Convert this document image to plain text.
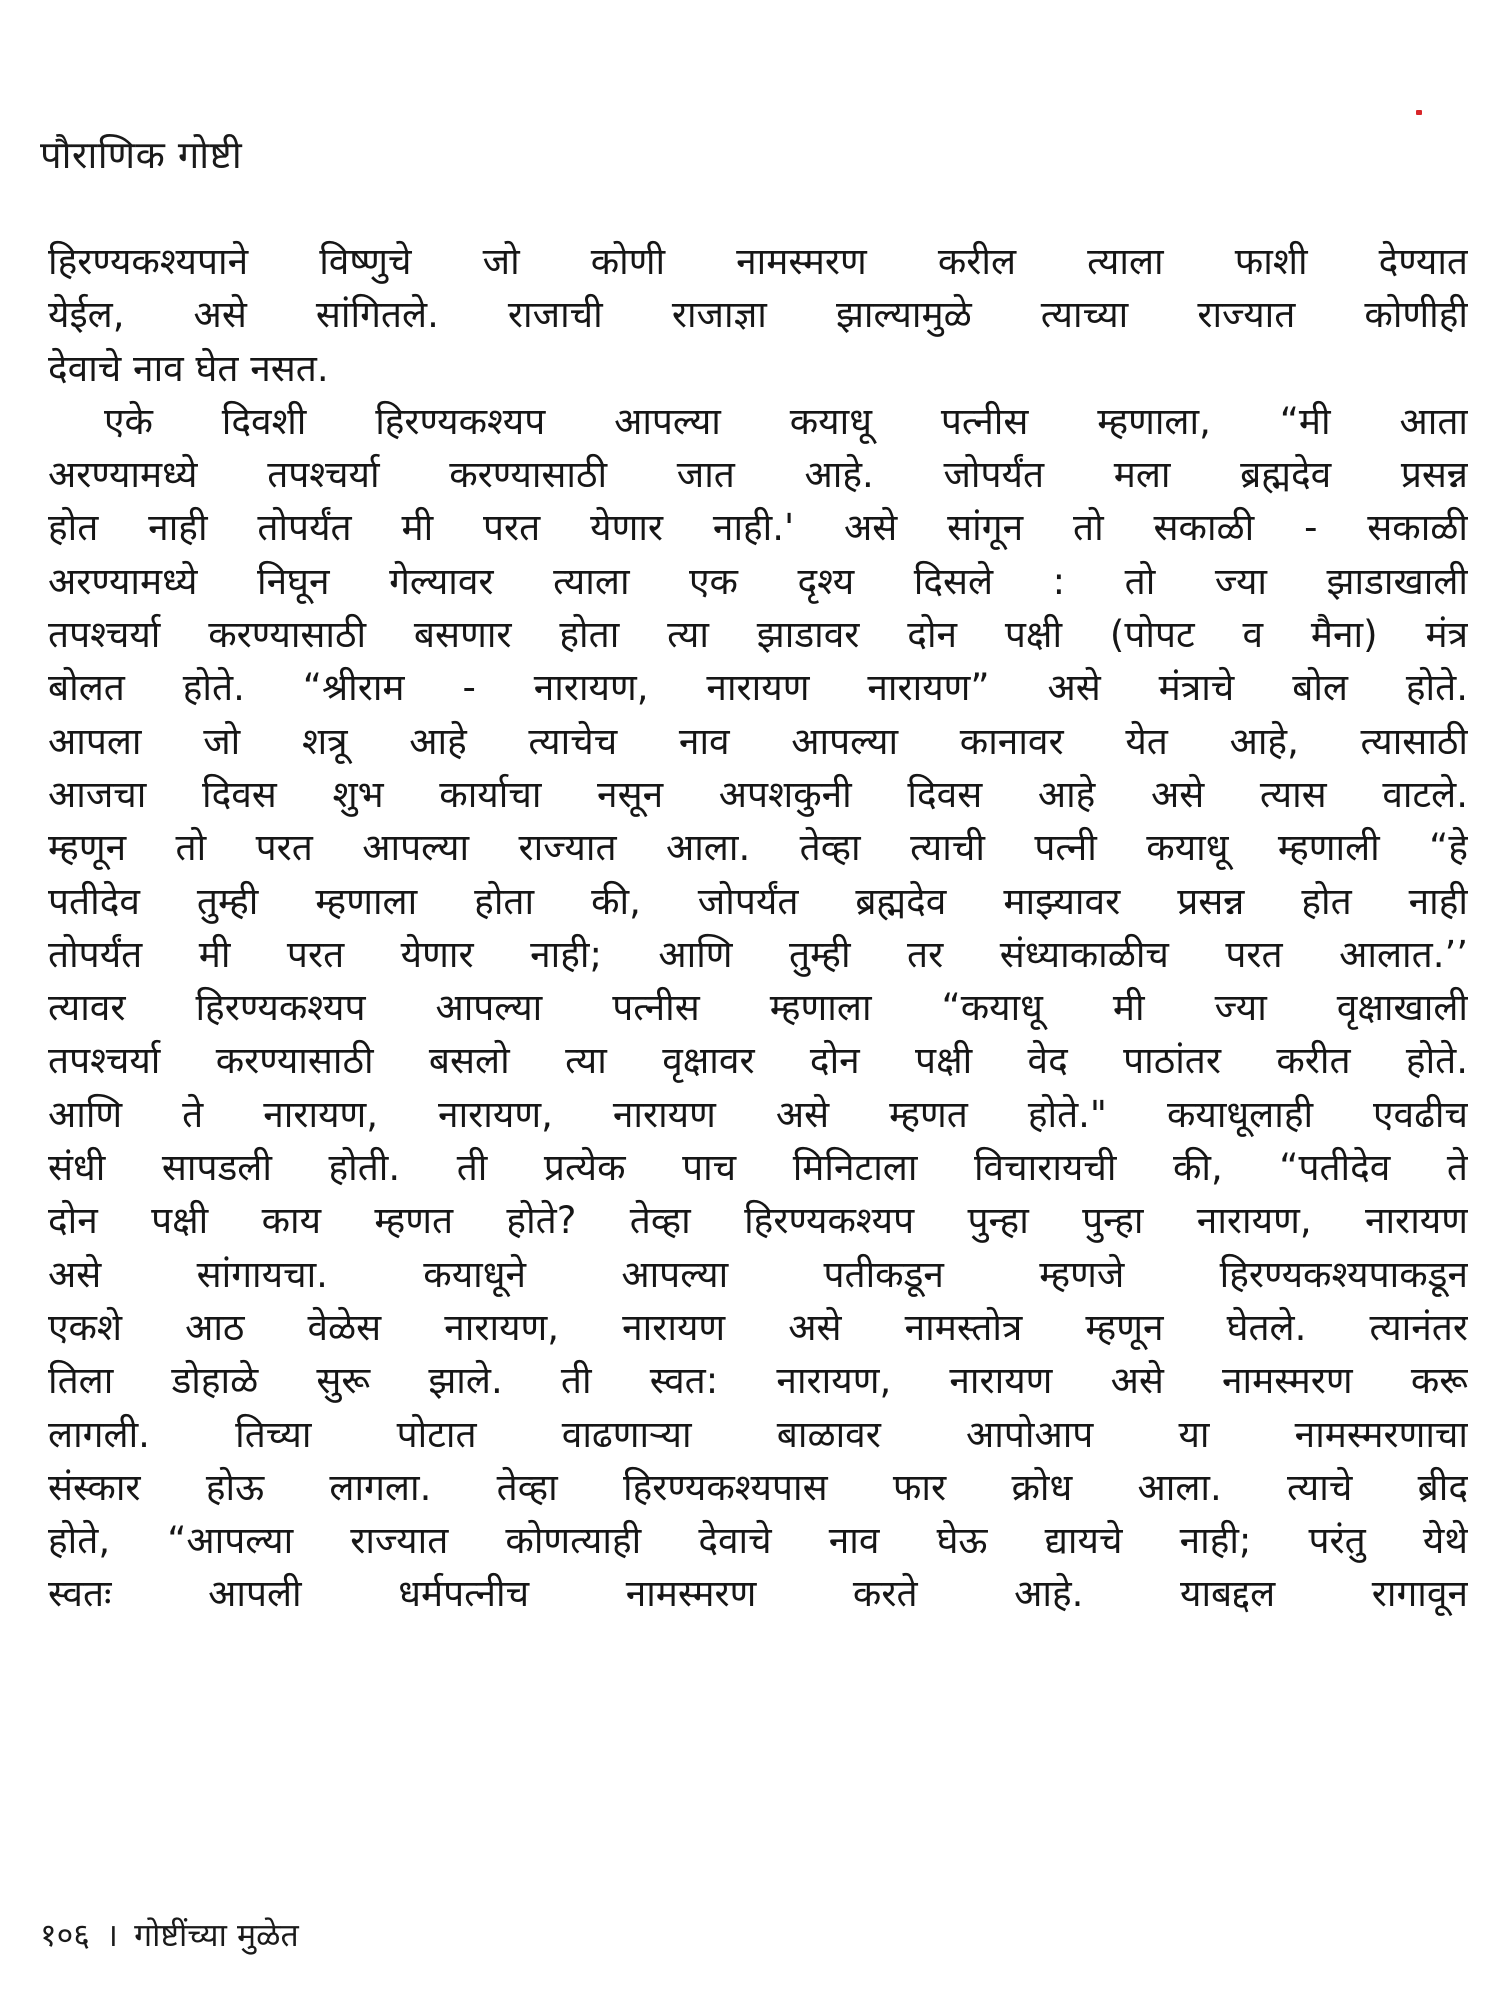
पौराणिक गोष्टी
हिरण्यकश्यपाने विष्णुचे जो कोणी नामस्मरण करील त्याला फाशी देण्यात
येईल, असे सांगितले. राजाची राजाज्ञा झाल्यामुळे त्याच्या राज्यात कोणीही
देवाचे नाव घेत नसत.
एके दिवशी हिरण्यकश्यप आपल्या कयाधू पत्नीस म्हणाला, “मी आता
अरण्यामध्ये तपश्चर्या करण्यासाठी जात आहे. जोपर्यंत मला ब्रह्मदेव प्रसन्न
होत नाही तोपर्यंत मी परत येणार नाही.' असे सांगून तो सकाळी - सकाळी
अरण्यामध्ये निघून गेल्यावर त्याला एक दृश्य दिसले : तो ज्या झाडाखाली
तपश्चर्या करण्यासाठी बसणार होता त्या झाडावर दोन पक्षी (पोपट व मैना) मंत्र
बोलत होते. “श्रीराम - नारायण, नारायण नारायण” असे मंत्राचे बोल होते.
आपला जो शत्रू आहे त्याचेच नाव आपल्या कानावर येत आहे, त्यासाठी
आजचा दिवस शुभ कार्याचा नसून अपशकुनी दिवस आहे असे त्यास वाटले.
म्हणून तो परत आपल्या राज्यात आला. तेव्हा त्याची पत्नी कयाधू म्हणाली “हे
पतीदेव तुम्ही म्हणाला होता की, जोपर्यंत ब्रह्मदेव माझ्यावर प्रसन्न होत नाही
तोपर्यंत मी परत येणार नाही; आणि तुम्ही तर संध्याकाळीच परत आलात.’’
त्यावर हिरण्यकश्यप आपल्या पत्नीस म्हणाला “कयाधू मी ज्या वृक्षाखाली
तपश्चर्या करण्यासाठी बसलो त्या वृक्षावर दोन पक्षी वेद पाठांतर करीत होते.
आणि ते नारायण, नारायण, नारायण असे म्हणत होते." कयाधूलाही एवढीच
संधी सापडली होती. ती प्रत्येक पाच मिनिटाला विचारायची की, “पतीदेव ते
दोन पक्षी काय म्हणत होते? तेव्हा हिरण्यकश्यप पुन्हा पुन्हा नारायण, नारायण
असे सांगायचा. कयाधूने आपल्या पतीकडून म्हणजे हिरण्यकश्यपाकडून
एकशे आठ वेळेस नारायण, नारायण असे नामस्तोत्र म्हणून घेतले. त्यानंतर
तिला डोहाळे सुरू झाले. ती स्वत: नारायण, नारायण असे नामस्मरण करू
लागली. तिच्या पोटात वाढणाऱ्या बाळावर आपोआप या नामस्मरणाचा
संस्कार होऊ लागला. तेव्हा हिरण्यकश्यपास फार क्रोध आला. त्याचे ब्रीद
होते, “आपल्या राज्यात कोणत्याही देवाचे नाव घेऊ द्यायचे नाही; परंतु येथे
स्वतः आपली धर्मपत्नीच नामस्मरण करते आहे. याबद्दल रागावून
१०६ । गोष्टींच्या मुळेत
